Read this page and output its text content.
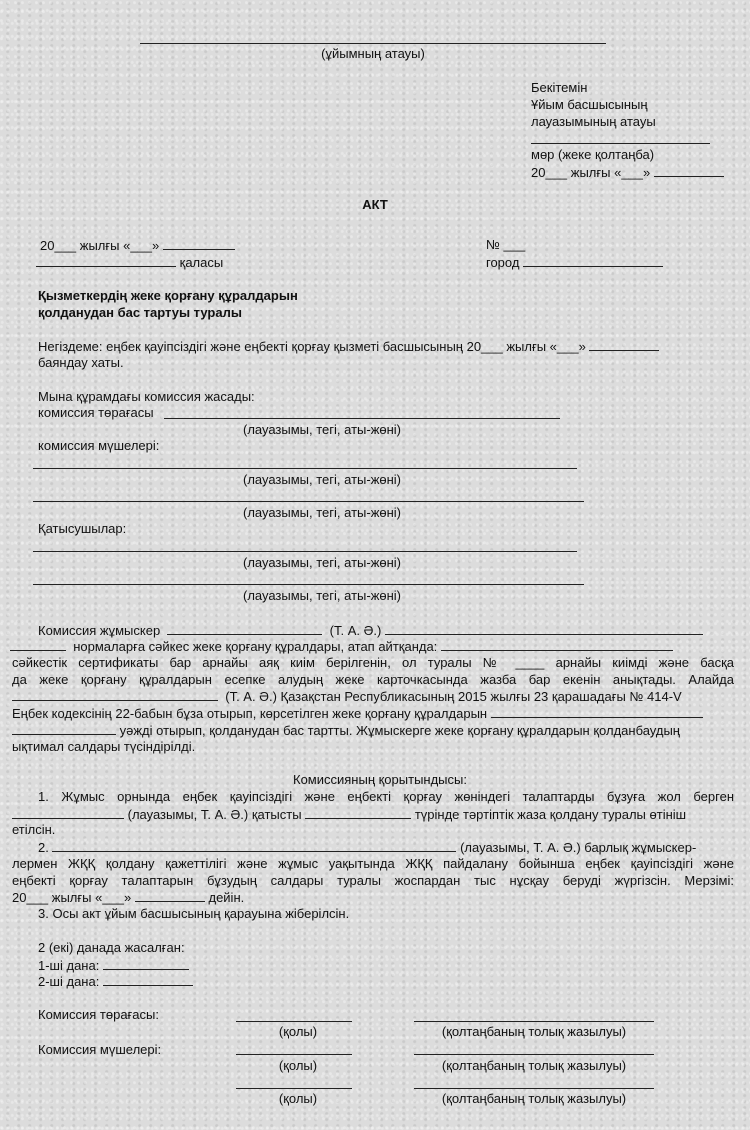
(ұйымның атауы)
Бекітемін
Ұйым басшысының
лауазымының атауы
мөр (жеке қолтаңба)
20___ жылғы «___»
АКТ
20___ жылғы «___»	№ ___
қаласы	город
Қызметкердің жеке қорғану құралдарын
қолданудан бас тартуы туралы
Негіздеме: еңбек қауіпсіздігі және еңбекті қорғау қызметі басшысының 20___ жылғы «___»
баяндау хаты.
Мына құрамдағы комиссия жасады:
комиссия төрағасы
(лауазымы, тегі, аты-жөні)
комиссия мүшелері:
(лауазымы, тегі, аты-жөні)
(лауазымы, тегі, аты-жөні)
Қатысушылар:
(лауазымы, тегі, аты-жөні)
(лауазымы, тегі, аты-жөні)
Комиссия жұмыскер	(Т. А. Ә.)
нормаларға сәйкес жеке қорғану құралдары, атап айтқанда:
сәйкестік сертификаты бар арнайы аяқ киім берілгенін, ол туралы № ____ арнайы киімді және басқа
да жеке қорғану құралдарын есепке алудың жеке карточкасында жазба бар екенін анықтады. Алайда
(Т. А. Ә.) Қазақстан Республикасының 2015 жылғы 23 қарашадағы № 414-V
Еңбек кодексінің 22-бабын бұза отырып, көрсетілген жеке қорғану құралдарын
уәжді отырып, қолданудан бас тартты. Жұмыскерге жеке қорғану құралдарын қолданбаудың
ықтимал салдары түсіндірілді.
Комиссияның қорытындысы:
1. Жұмыс орнында еңбек қауіпсіздігі және еңбекті қорғау жөніндегі талаптарды бұзуға жол берген
(лауазымы, Т. А. Ә.) қатысты	түрінде тәртіптік жаза қолдану туралы өтініш
етілсін.
2.	(лауазымы, Т. А. Ә.) барлық жұмыскер-
лермен ЖҚҚ қолдану қажеттілігі және жұмыс уақытында ЖҚҚ пайдалану бойынша еңбек қауіпсіздігі және
еңбекті қорғау талаптарын бұзудың салдары туралы жоспардан тыс нұсқау беруді жүргізсін. Мерзімі:
20___ жылғы «___»	дейін.
3. Осы акт ұйым басшысының қарауына жіберілсін.
2 (екі) данада жасалған:
1-ші дана:
2-ші дана:
Комиссия төрағасы:
(қолы)	(қолтаңбаның толық жазылуы)
Комиссия мүшелері:
(қолы)	(қолтаңбаның толық жазылуы)
(қолы)	(қолтаңбаның толық жазылуы)
